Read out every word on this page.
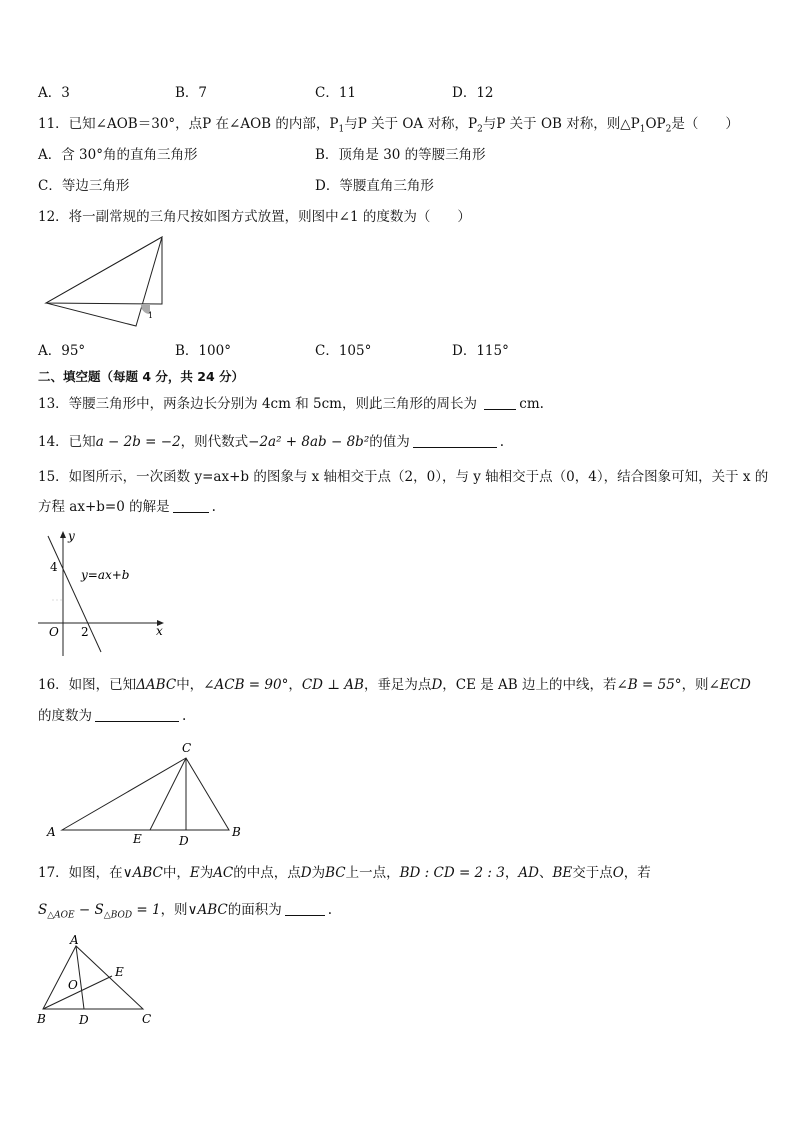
A．3	B．7	C．11	D．12
11．已知∠AOB＝30°，点P 在∠AOB 的内部，$P_1$与P 关于 OA 对称，$P_2$与P 关于 OB 对称，则$\triangle P_1OP_2$是（　　）
A．含 30°角的直角三角形	B．顶角是 30 的等腰三角形
C．等边三角形	D．等腰直角三角形
12．将一副常规的三角尺按如图方式放置，则图中∠1 的度数为（　　）
1
A．95°	B．100°	C．105°	D．115°
二、填空题（每题 4 分，共 24 分）
13．等腰三角形中，两条边长分别为 4cm 和 5cm，则此三角形的周长为	cm.
14．已知a − 2b = −2，则代数式−2a² + 8ab − 8b²的值为	.
15．如图所示，一次函数 y=ax+b 的图象与 x 轴相交于点（2，0），与 y 轴相交于点（0，4），结合图象可知，关于 x 的
方程 ax+b=0 的解是	.
y
x
O
4
2
y=ax+b
16．如图，已知ΔABC中，∠ACB = 90°，CD ⊥ AB，垂足为点D，CE 是 AB 边上的中线，若∠B = 55°，则∠ECD
的度数为	.
A
C
B
E	D
17．如图，在∨ABC中，E为AC的中点，点D为BC上一点，BD : CD = 2 : 3，AD、BE交于点O，若
$S_{\triangle AOE} - S_{\triangle BOD} = 1$，则∨ABC的面积为	.
A
E
O
B	D	C
